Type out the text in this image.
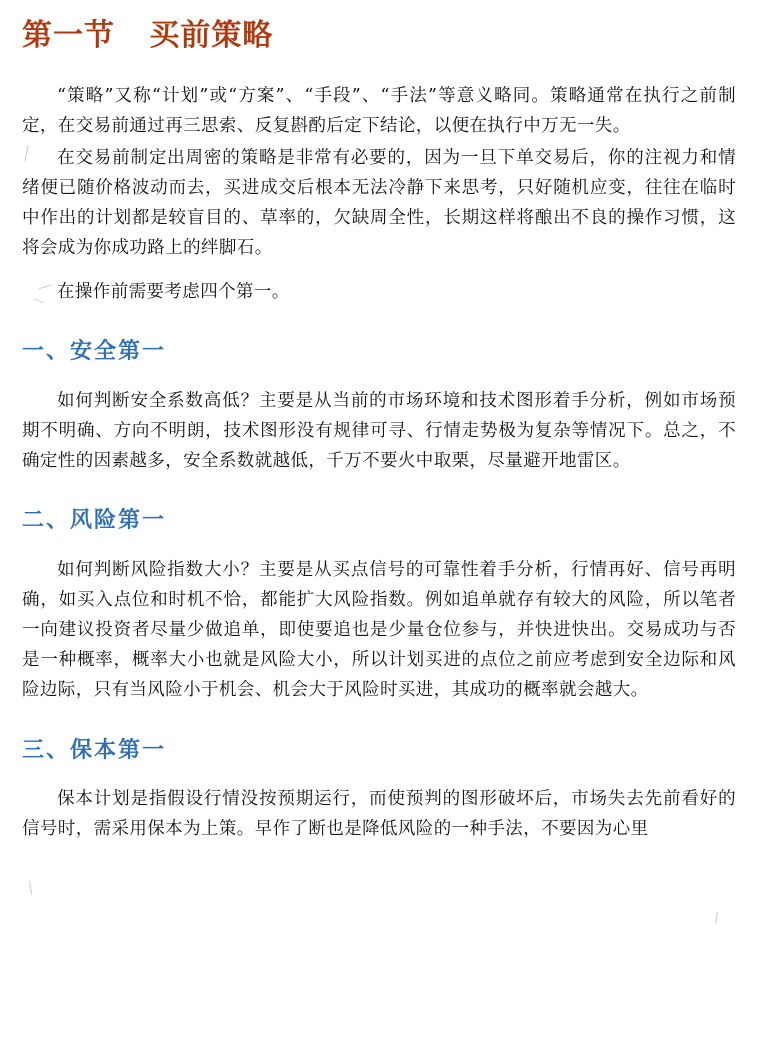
第一节   买前策略

“策略”又称“计划”或“方案”、“手段”、“手法”等意义略同。策略通常在执行之前制定，在交易前通过再三思索、反复斟酌后定下结论，以便在执行中万无一失。

在交易前制定出周密的策略是非常有必要的，因为一旦下单交易后，你的注视力和情绪便已随价格波动而去，买进成交后根本无法冷静下来思考，只好随机应变，往往在临时中作出的计划都是较盲目的、草率的，欠缺周全性，长期这样将酿出不良的操作习惯，这将会成为你成功路上的绊脚石。

在操作前需要考虑四个第一。

一、安全第一

如何判断安全系数高低？主要是从当前的市场环境和技术图形着手分析，例如市场预期不明确、方向不明朗，技术图形没有规律可寻、行情走势极为复杂等情况下。总之，不确定性的因素越多，安全系数就越低，千万不要火中取栗，尽量避开地雷区。

二、风险第一

如何判断风险指数大小？主要是从买点信号的可靠性着手分析，行情再好、信号再明确，如买入点位和时机不恰，都能扩大风险指数。例如追单就存有较大的风险，所以笔者一向建议投资者尽量少做追单，即使要追也是少量仓位参与，并快进快出。交易成功与否是一种概率，概率大小也就是风险大小，所以计划买进的点位之前应考虑到安全边际和风险边际，只有当风险小于机会、机会大于风险时买进，其成功的概率就会越大。

三、保本第一

保本计划是指假设行情没按预期运行，而使预判的图形破坏后，市场失去先前看好的信号时，需采用保本为上策。早作了断也是降低风险的一种手法，不要因为心里
